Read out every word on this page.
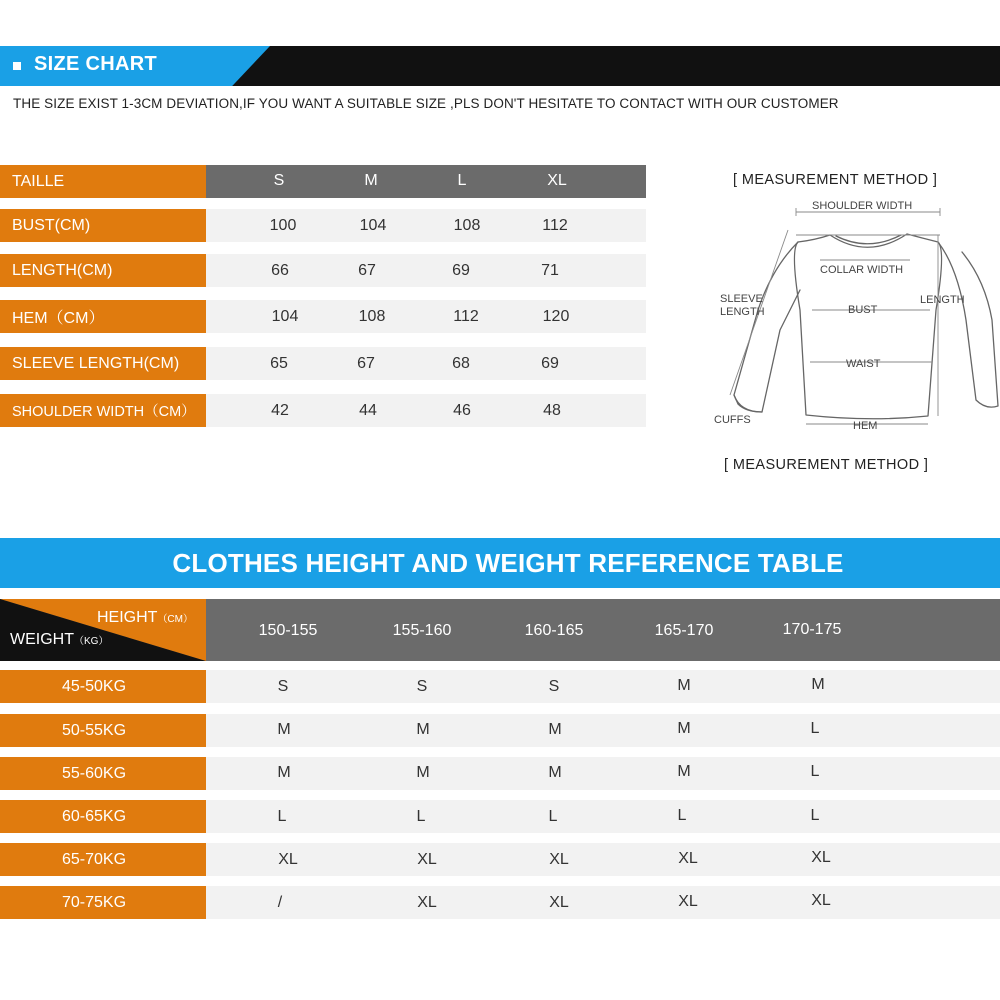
SIZE CHART
THE SIZE EXIST 1-3CM DEVIATION,IF YOU WANT A SUITABLE SIZE ,PLS DON'T HESITATE TO CONTACT WITH OUR CUSTOMER
TAILLE	S	M	L	XL
BUST(CM)	100	104	108	112
LENGTH(CM)	66	67	69	71
HEM（CM）	104	108	112	120
SLEEVE LENGTH(CM)	65	67	68	69
SHOULDER WIDTH（CM）	42	44	46	48
[ MEASUREMENT METHOD ]
SHOULDER WIDTH
COLLAR WIDTH
SLEEVE
LENGTH
LENGTH
BUST
WAIST
CUFFS	HEM
[ MEASUREMENT METHOD ]
CLOTHES HEIGHT AND WEIGHT REFERENCE TABLE
HEIGHT（CM）
WEIGHT（KG）
150-155	155-160	160-165	165-170	170-175
45-50KG	S	S	S	M	M
50-55KG	M	M	M	M	L
55-60KG	M	M	M	M	L
60-65KG	L	L	L	L	L
65-70KG	XL	XL	XL	XL	XL
70-75KG	/	XL	XL	XL	XL
